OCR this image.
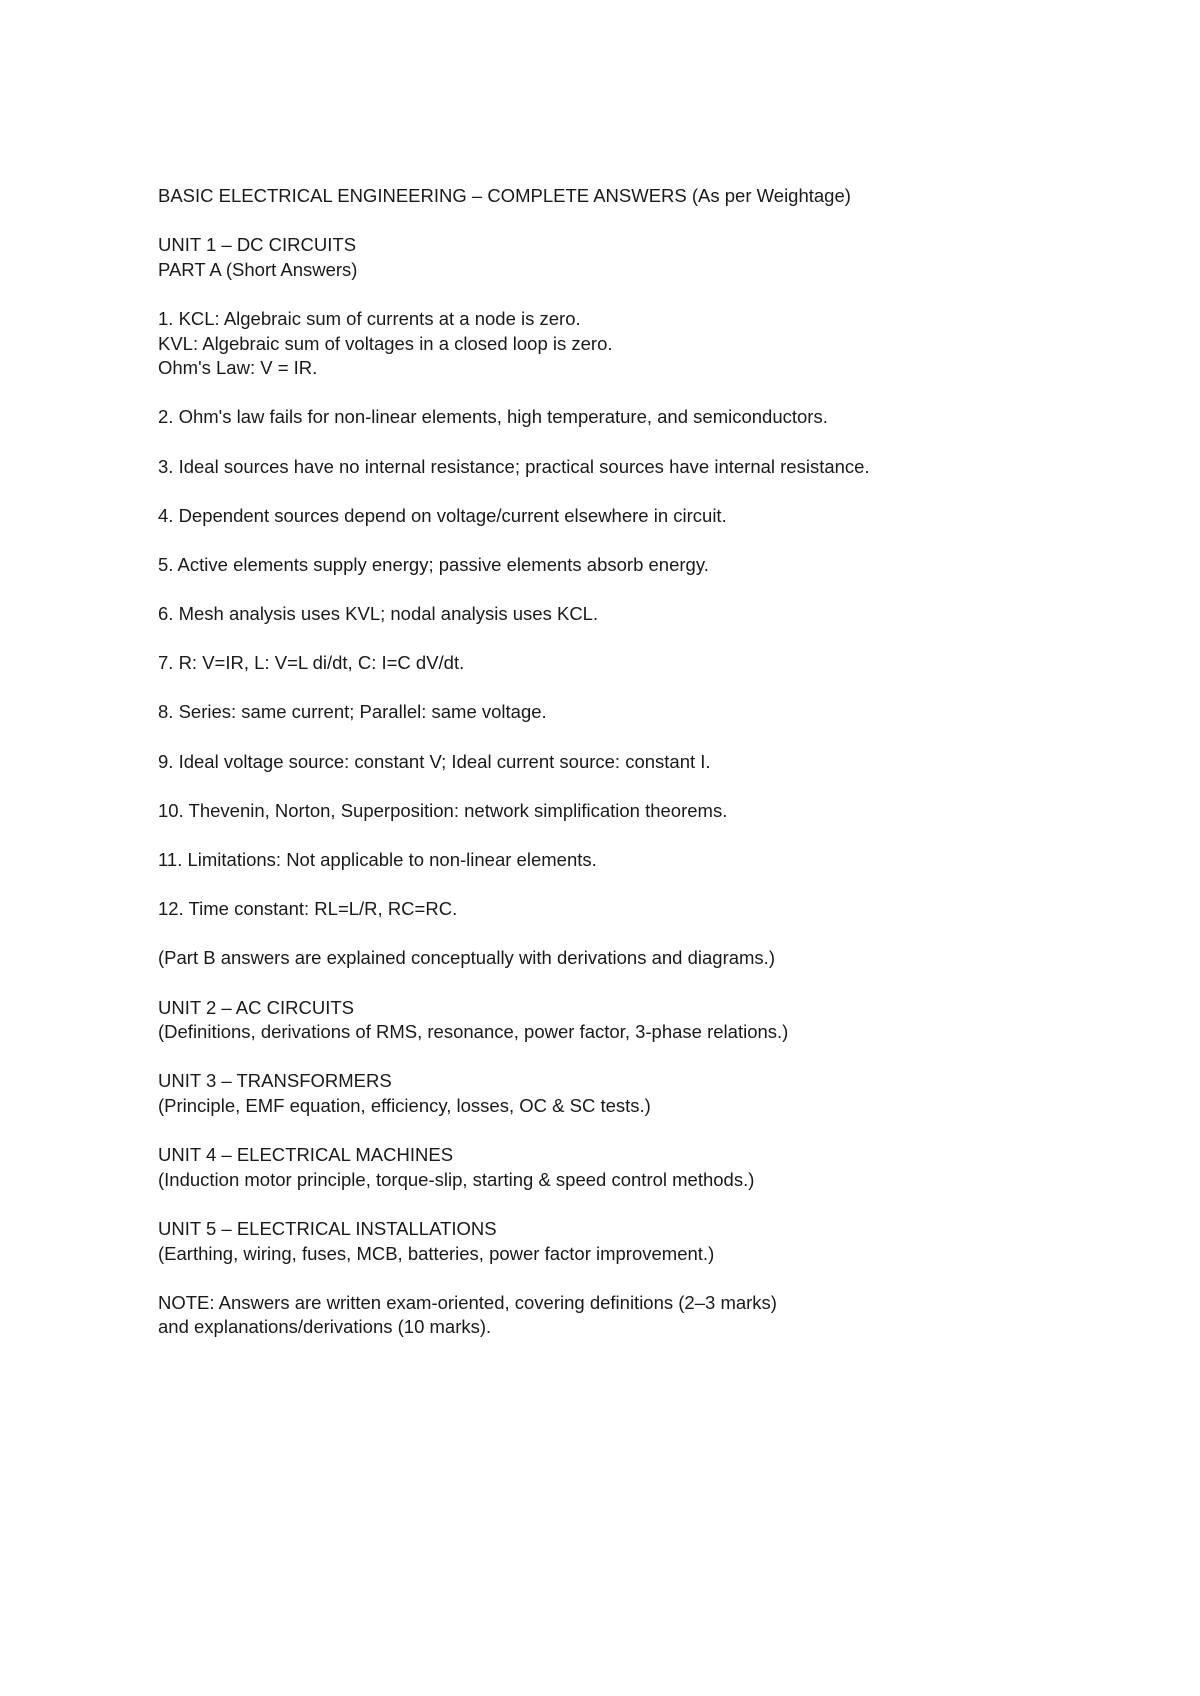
BASIC ELECTRICAL ENGINEERING – COMPLETE ANSWERS (As per Weightage)
UNIT 1 – DC CIRCUITS
PART A (Short Answers)
1. KCL: Algebraic sum of currents at a node is zero.
KVL: Algebraic sum of voltages in a closed loop is zero.
Ohm's Law: V = IR.
2. Ohm's law fails for non-linear elements, high temperature, and semiconductors.
3. Ideal sources have no internal resistance; practical sources have internal resistance.
4. Dependent sources depend on voltage/current elsewhere in circuit.
5. Active elements supply energy; passive elements absorb energy.
6. Mesh analysis uses KVL; nodal analysis uses KCL.
7. R: V=IR, L: V=L di/dt, C: I=C dV/dt.
8. Series: same current; Parallel: same voltage.
9. Ideal voltage source: constant V; Ideal current source: constant I.
10. Thevenin, Norton, Superposition: network simplification theorems.
11. Limitations: Not applicable to non-linear elements.
12. Time constant: RL=L/R, RC=RC.
(Part B answers are explained conceptually with derivations and diagrams.)
UNIT 2 – AC CIRCUITS
(Definitions, derivations of RMS, resonance, power factor, 3-phase relations.)
UNIT 3 – TRANSFORMERS
(Principle, EMF equation, efficiency, losses, OC & SC tests.)
UNIT 4 – ELECTRICAL MACHINES
(Induction motor principle, torque-slip, starting & speed control methods.)
UNIT 5 – ELECTRICAL INSTALLATIONS
(Earthing, wiring, fuses, MCB, batteries, power factor improvement.)
NOTE: Answers are written exam-oriented, covering definitions (2–3 marks)
and explanations/derivations (10 marks).
